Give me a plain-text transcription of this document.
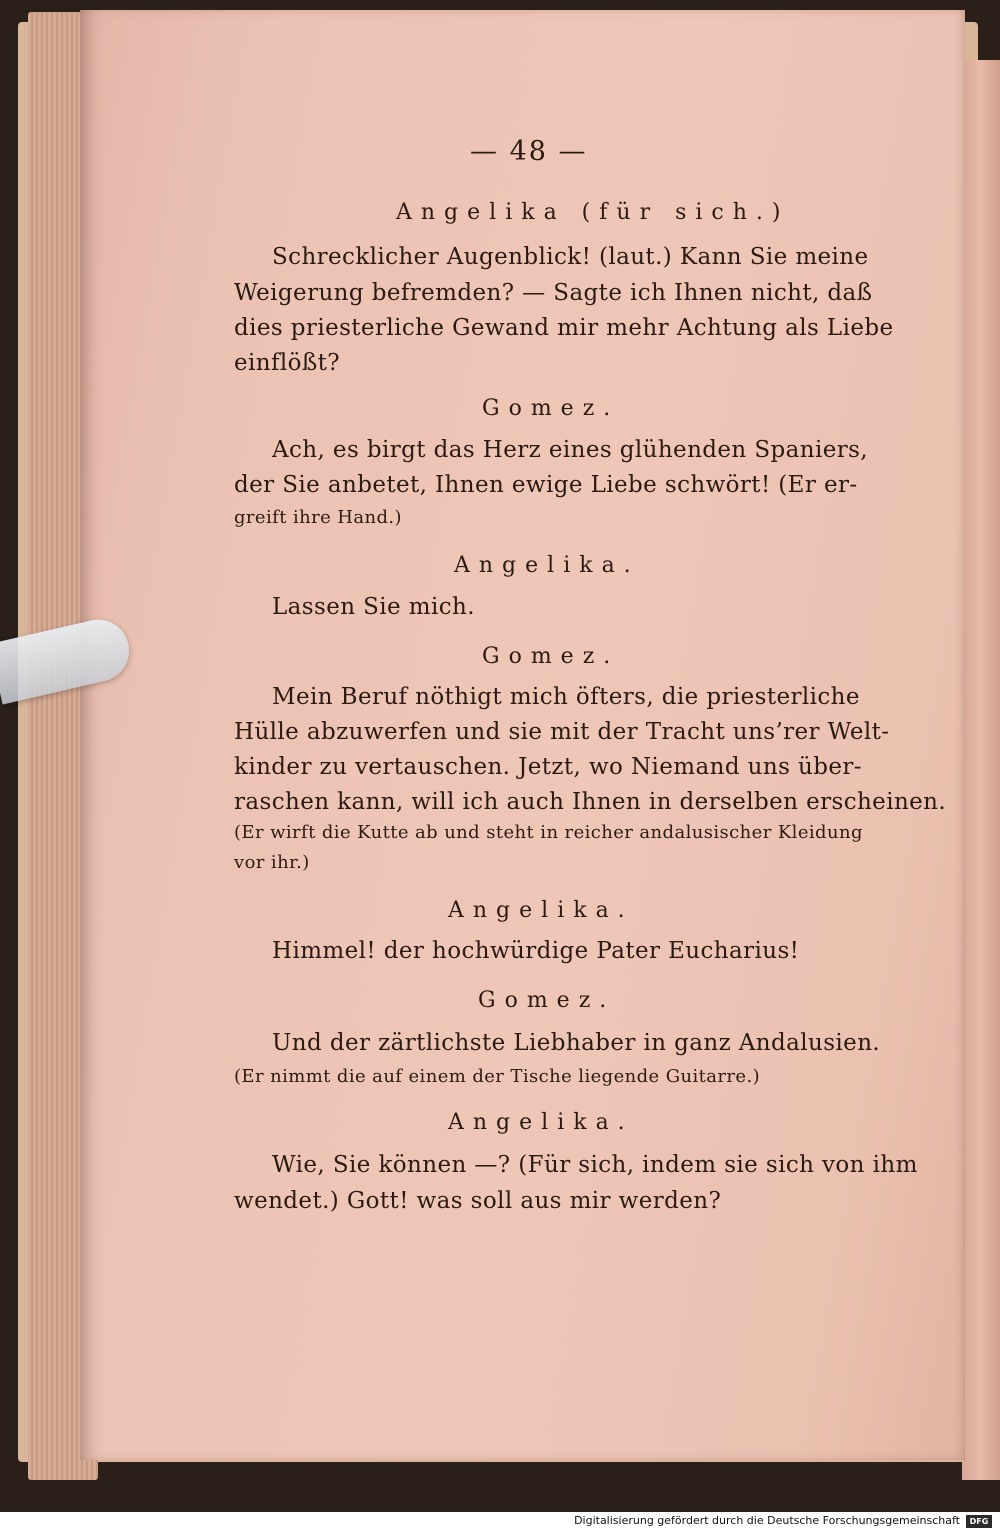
— 48 —
Angelika (für sich.)
Schrecklicher Augenblick! (laut.) Kann Sie meine
Weigerung befremden? — Sagte ich Ihnen nicht, daß
dies priesterliche Gewand mir mehr Achtung als Liebe
einflößt?
Gomez.
Ach, es birgt das Herz eines glühenden Spaniers,
der Sie anbetet, Ihnen ewige Liebe schwört! (Er er-
greift ihre Hand.)
Angelika.
Lassen Sie mich.
Gomez.
Mein Beruf nöthigt mich öfters, die priesterliche
Hülle abzuwerfen und sie mit der Tracht uns’rer Welt-
kinder zu vertauschen. Jetzt, wo Niemand uns über-
raschen kann, will ich auch Ihnen in derselben erscheinen.
(Er wirft die Kutte ab und steht in reicher andalusischer Kleidung
vor ihr.)
Angelika.
Himmel! der hochwürdige Pater Eucharius!
Gomez.
Und der zärtlichste Liebhaber in ganz Andalusien.
(Er nimmt die auf einem der Tische liegende Guitarre.)
Angelika.
Wie, Sie können —? (Für sich, indem sie sich von ihm
wendet.) Gott! was soll aus mir werden?
Digitalisierung gefördert durch die Deutsche Forschungsgemeinschaft	DFG
